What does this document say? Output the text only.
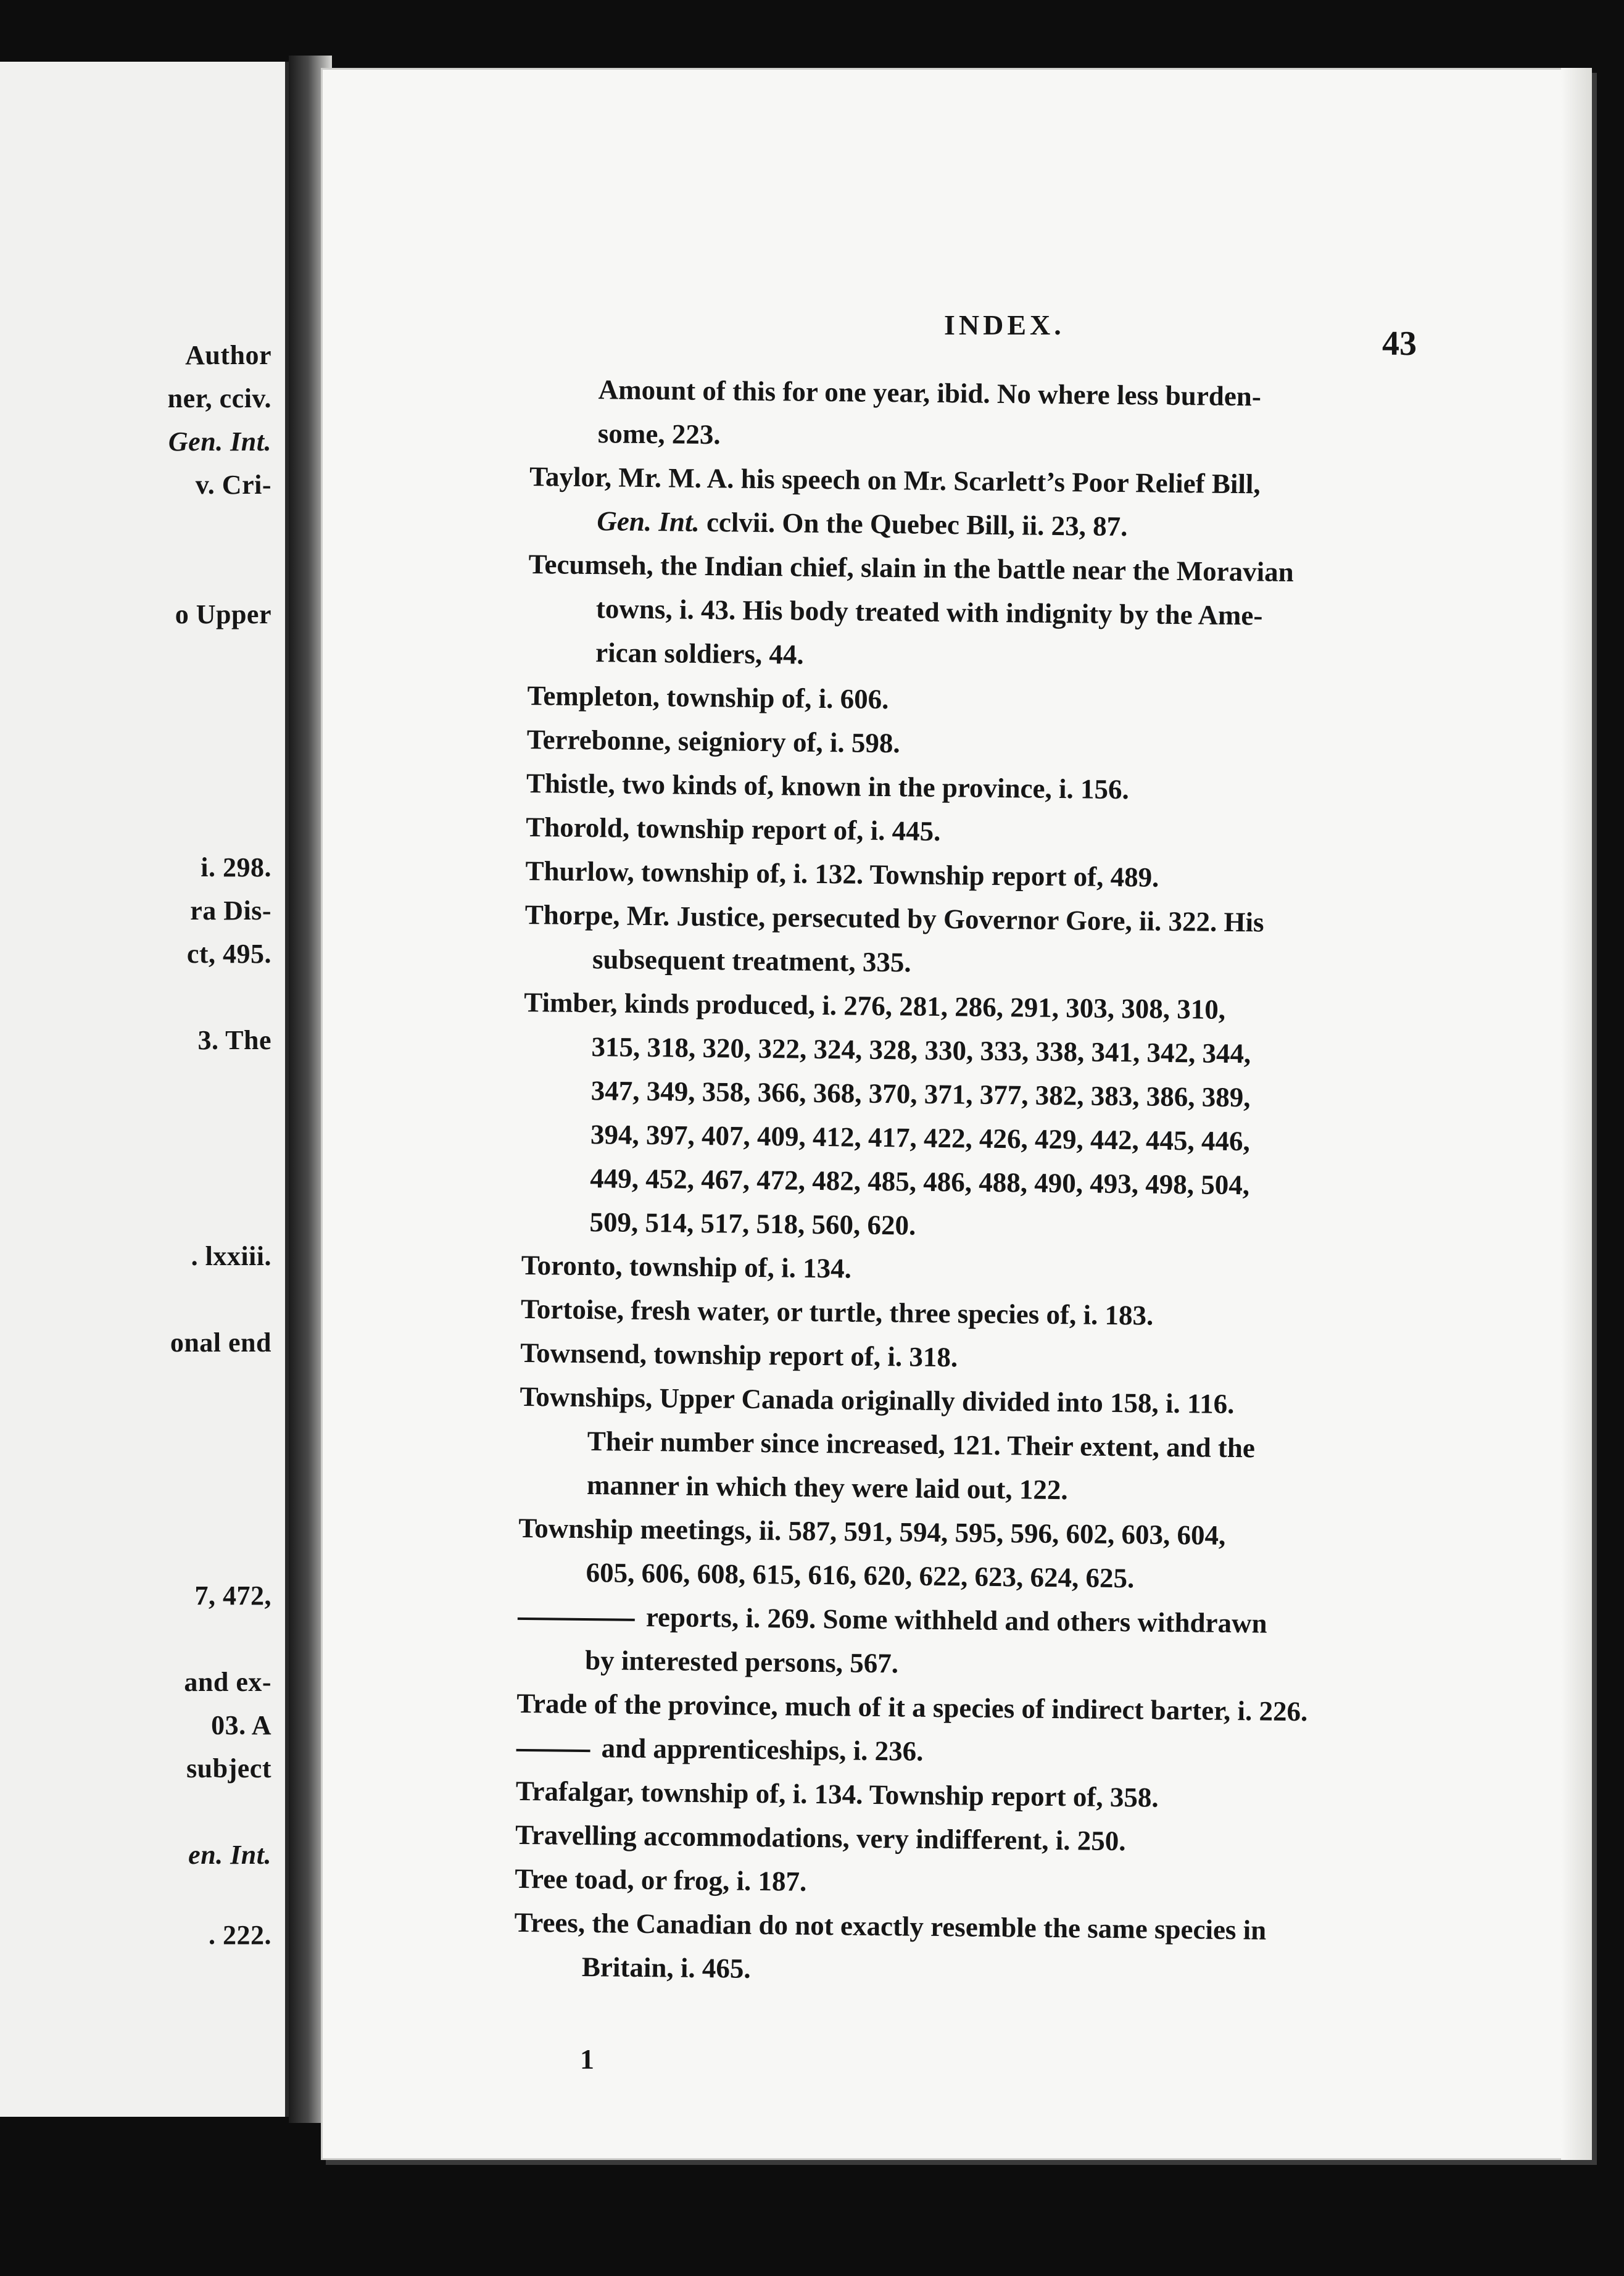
Author
ner, cciv.
Gen. Int.
v. Cri-
o Upper
i. 298.
ra Dis-
ct, 495.
3. The
. lxxiii.
onal end
7, 472,
and ex-
03. A
subject
en. Int.
. 222.
INDEX.	43
Amount of this for one year, ibid. No where less burden-
some, 223.
Taylor, Mr. M. A. his speech on Mr. Scarlett’s Poor Relief Bill,
Gen. Int. cclvii. On the Quebec Bill, ii. 23, 87.
Tecumseh, the Indian chief, slain in the battle near the Moravian
towns, i. 43. His body treated with indignity by the Ame-
rican soldiers, 44.
Templeton, township of, i. 606.
Terrebonne, seigniory of, i. 598.
Thistle, two kinds of, known in the province, i. 156.
Thorold, township report of, i. 445.
Thurlow, township of, i. 132. Township report of, 489.
Thorpe, Mr. Justice, persecuted by Governor Gore, ii. 322. His
subsequent treatment, 335.
Timber, kinds produced, i. 276, 281, 286, 291, 303, 308, 310,
315, 318, 320, 322, 324, 328, 330, 333, 338, 341, 342, 344,
347, 349, 358, 366, 368, 370, 371, 377, 382, 383, 386, 389,
394, 397, 407, 409, 412, 417, 422, 426, 429, 442, 445, 446,
449, 452, 467, 472, 482, 485, 486, 488, 490, 493, 498, 504,
509, 514, 517, 518, 560, 620.
Toronto, township of, i. 134.
Tortoise, fresh water, or turtle, three species of, i. 183.
Townsend, township report of, i. 318.
Townships, Upper Canada originally divided into 158, i. 116.
Their number since increased, 121. Their extent, and the
manner in which they were laid out, 122.
Township meetings, ii. 587, 591, 594, 595, 596, 602, 603, 604,
605, 606, 608, 615, 616, 620, 622, 623, 624, 625.
reports, i. 269. Some withheld and others withdrawn
by interested persons, 567.
Trade of the province, much of it a species of indirect barter, i. 226.
and apprenticeships, i. 236.
Trafalgar, township of, i. 134. Township report of, 358.
Travelling accommodations, very indifferent, i. 250.
Tree toad, or frog, i. 187.
Trees, the Canadian do not exactly resemble the same species in
Britain, i. 465.
1
